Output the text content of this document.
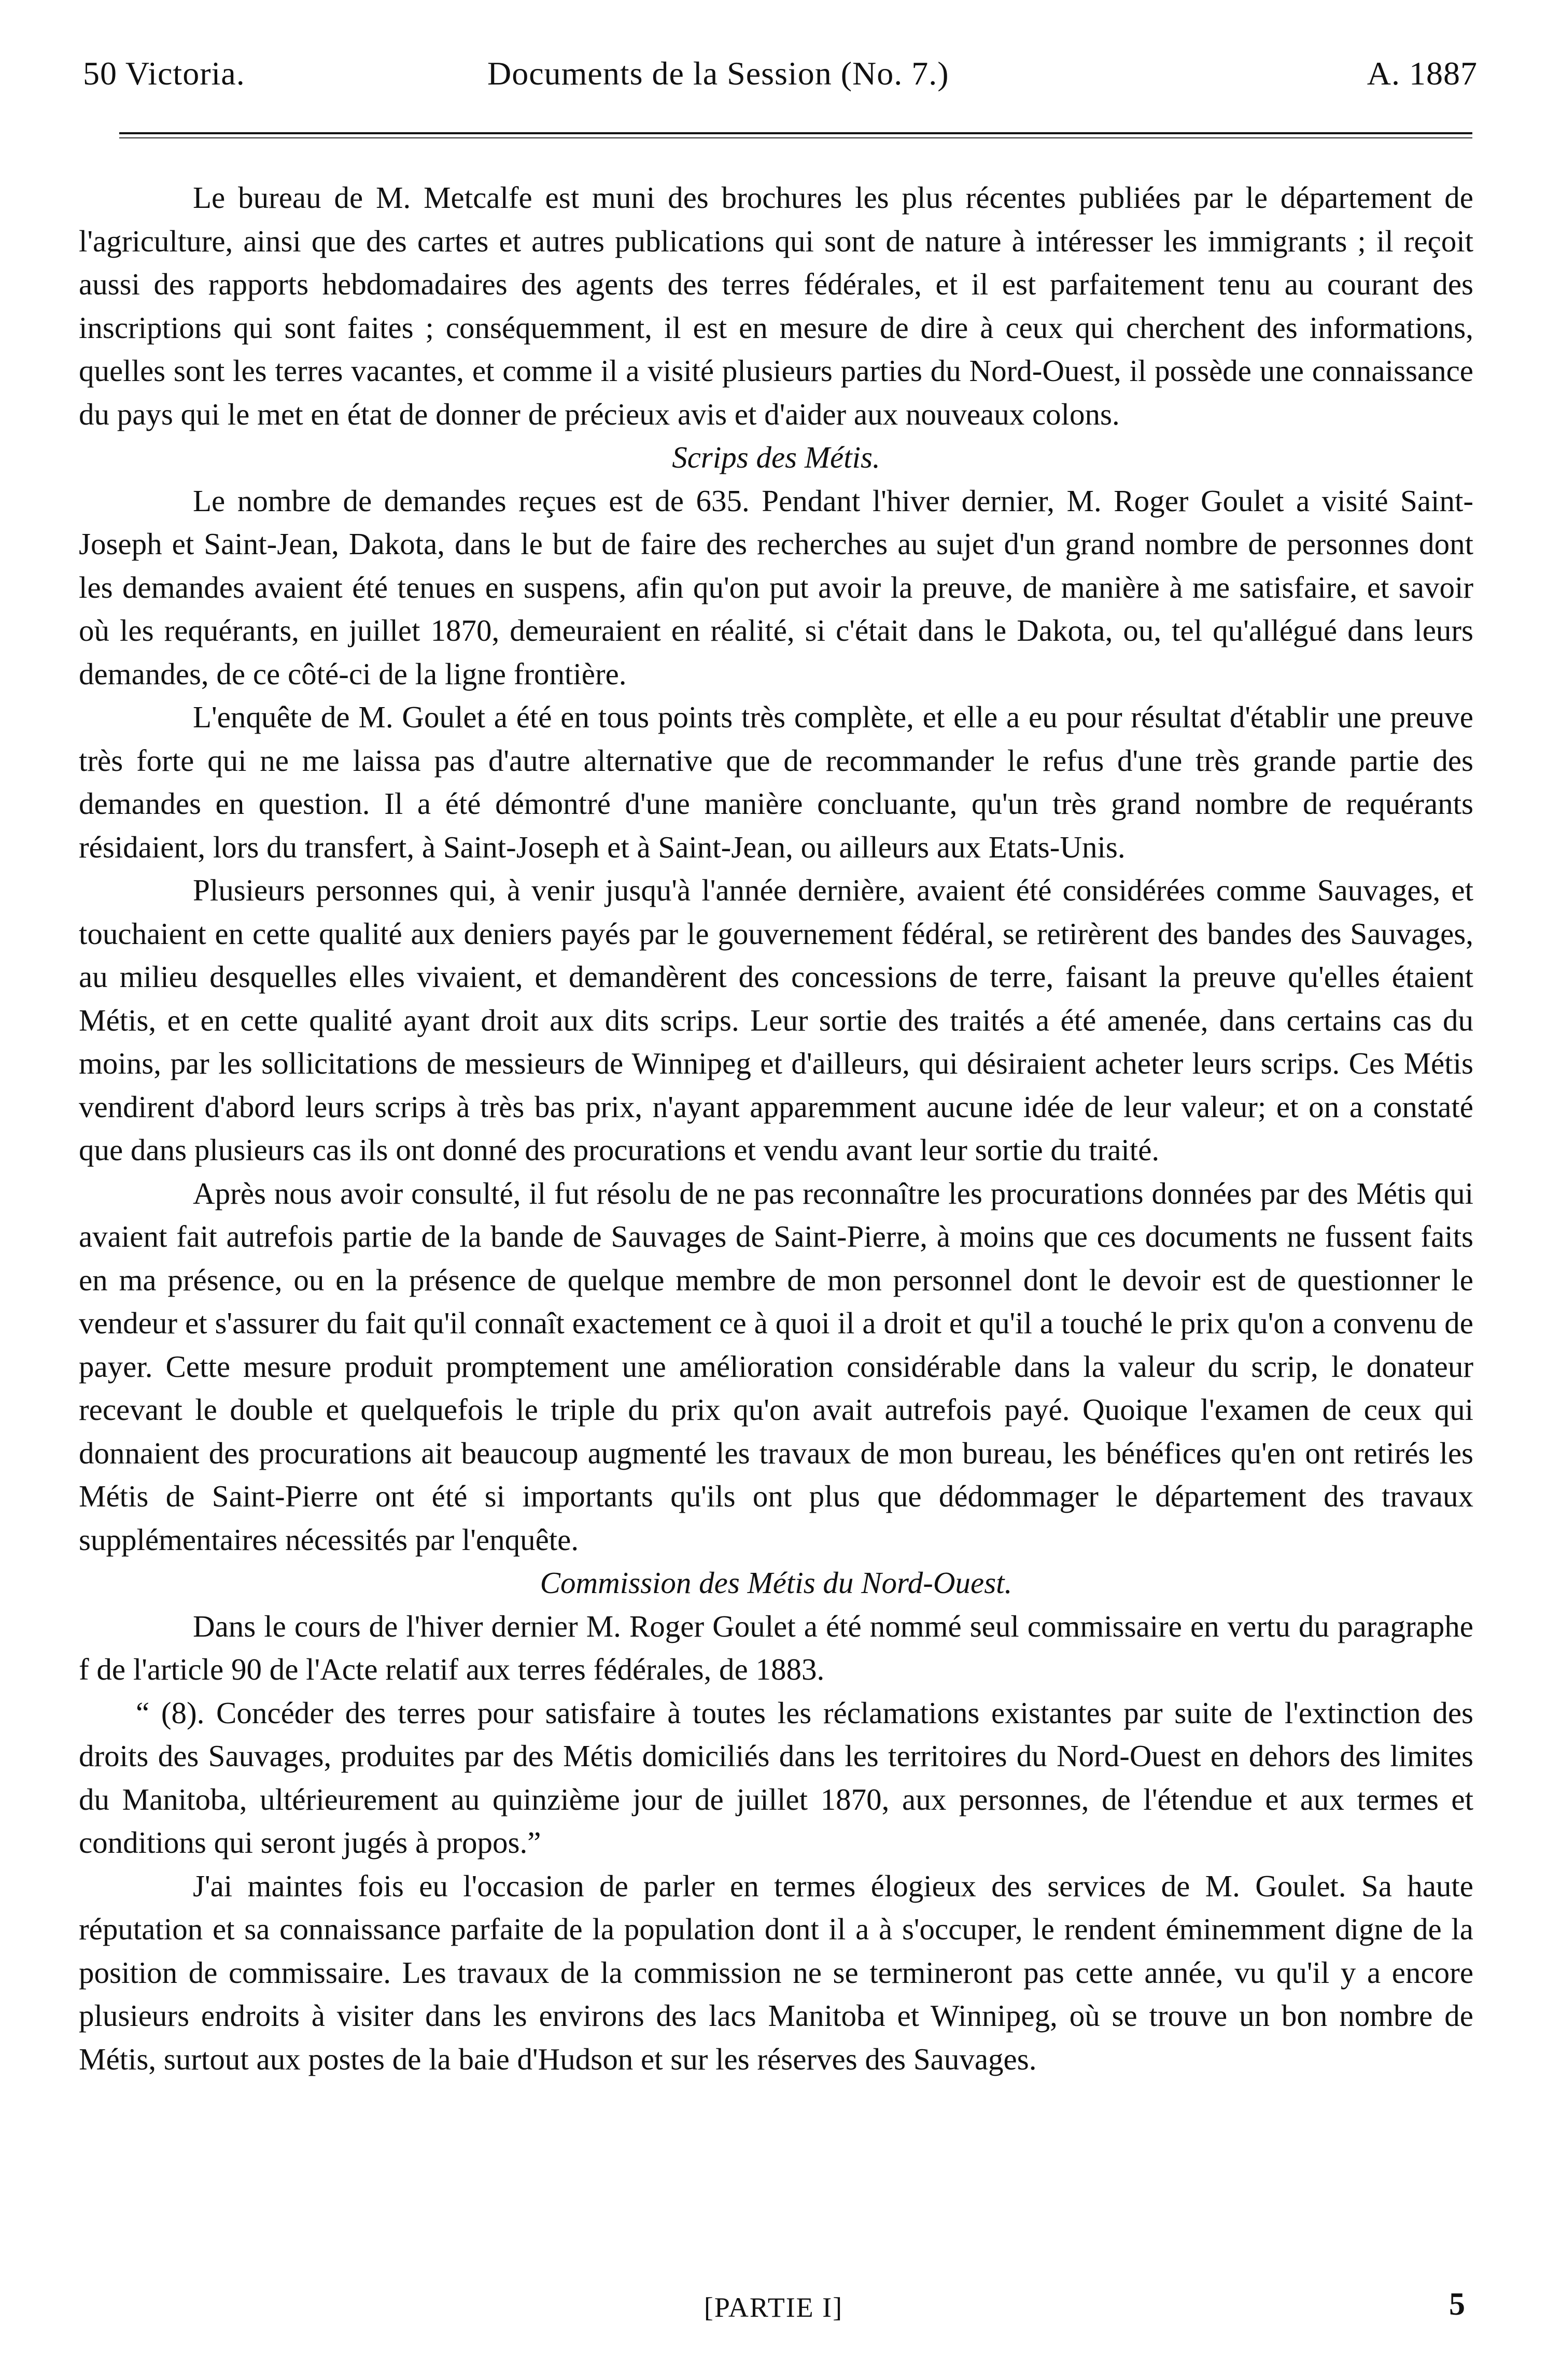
50 Victoria.	Documents de la Session (No. 7.)	A. 1887

Le bureau de M. Metcalfe est muni des brochures les plus récentes publiées par le département de l'agriculture, ainsi que des cartes et autres publications qui sont de nature à intéresser les immigrants ; il reçoit aussi des rapports hebdomadaires des agents des terres fédérales, et il est parfaitement tenu au courant des inscriptions qui sont faites ; conséquemment, il est en mesure de dire à ceux qui cherchent des informations, quelles sont les terres vacantes, et comme il a visité plusieurs parties du Nord-Ouest, il possède une connaissance du pays qui le met en état de donner de précieux avis et d'aider aux nouveaux colons.

Scrips des Métis.

Le nombre de demandes reçues est de 635. Pendant l'hiver dernier, M. Roger Goulet a visité Saint-Joseph et Saint-Jean, Dakota, dans le but de faire des recherches au sujet d'un grand nombre de personnes dont les demandes avaient été tenues en suspens, afin qu'on put avoir la preuve, de manière à me satisfaire, et savoir où les requérants, en juillet 1870, demeuraient en réalité, si c'était dans le Dakota, ou, tel qu'allégué dans leurs demandes, de ce côté-ci de la ligne frontière.

L'enquête de M. Goulet a été en tous points très complète, et elle a eu pour résultat d'établir une preuve très forte qui ne me laissa pas d'autre alternative que de recommander le refus d'une très grande partie des demandes en question. Il a été démontré d'une manière concluante, qu'un très grand nombre de requérants résidaient, lors du transfert, à Saint-Joseph et à Saint-Jean, ou ailleurs aux Etats-Unis.

Plusieurs personnes qui, à venir jusqu'à l'année dernière, avaient été considérées comme Sauvages, et touchaient en cette qualité aux deniers payés par le gouvernement fédéral, se retirèrent des bandes des Sauvages, au milieu desquelles elles vivaient, et demandèrent des concessions de terre, faisant la preuve qu'elles étaient Métis, et en cette qualité ayant droit aux dits scrips. Leur sortie des traités a été amenée, dans certains cas du moins, par les sollicitations de messieurs de Winnipeg et d'ailleurs, qui désiraient acheter leurs scrips. Ces Métis vendirent d'abord leurs scrips à très bas prix, n'ayant apparemment aucune idée de leur valeur; et on a constaté que dans plusieurs cas ils ont donné des procurations et vendu avant leur sortie du traité.

Après nous avoir consulté, il fut résolu de ne pas reconnaître les procurations données par des Métis qui avaient fait autrefois partie de la bande de Sauvages de Saint-Pierre, à moins que ces documents ne fussent faits en ma présence, ou en la présence de quelque membre de mon personnel dont le devoir est de questionner le vendeur et s'assurer du fait qu'il connaît exactement ce à quoi il a droit et qu'il a touché le prix qu'on a convenu de payer. Cette mesure produit promptement une amélioration considérable dans la valeur du scrip, le donateur recevant le double et quelquefois le triple du prix qu'on avait autrefois payé. Quoique l'examen de ceux qui donnaient des procurations ait beaucoup augmenté les travaux de mon bureau, les bénéfices qu'en ont retirés les Métis de Saint-Pierre ont été si importants qu'ils ont plus que dédommager le département des travaux supplémentaires nécessités par l'enquête.

Commission des Métis du Nord-Ouest.

Dans le cours de l'hiver dernier M. Roger Goulet a été nommé seul commissaire en vertu du paragraphe f de l'article 90 de l'Acte relatif aux terres fédérales, de 1883.

“ (8). Concéder des terres pour satisfaire à toutes les réclamations existantes par suite de l'extinction des droits des Sauvages, produites par des Métis domiciliés dans les territoires du Nord-Ouest en dehors des limites du Manitoba, ultérieurement au quinzième jour de juillet 1870, aux personnes, de l'étendue et aux termes et conditions qui seront jugés à propos.”

J'ai maintes fois eu l'occasion de parler en termes élogieux des services de M. Goulet. Sa haute réputation et sa connaissance parfaite de la population dont il a à s'occuper, le rendent éminemment digne de la position de commissaire. Les travaux de la commission ne se termineront pas cette année, vu qu'il y a encore plusieurs endroits à visiter dans les environs des lacs Manitoba et Winnipeg, où se trouve un bon nombre de Métis, surtout aux postes de la baie d'Hudson et sur les réserves des Sauvages.

[PARTIE I]	5
